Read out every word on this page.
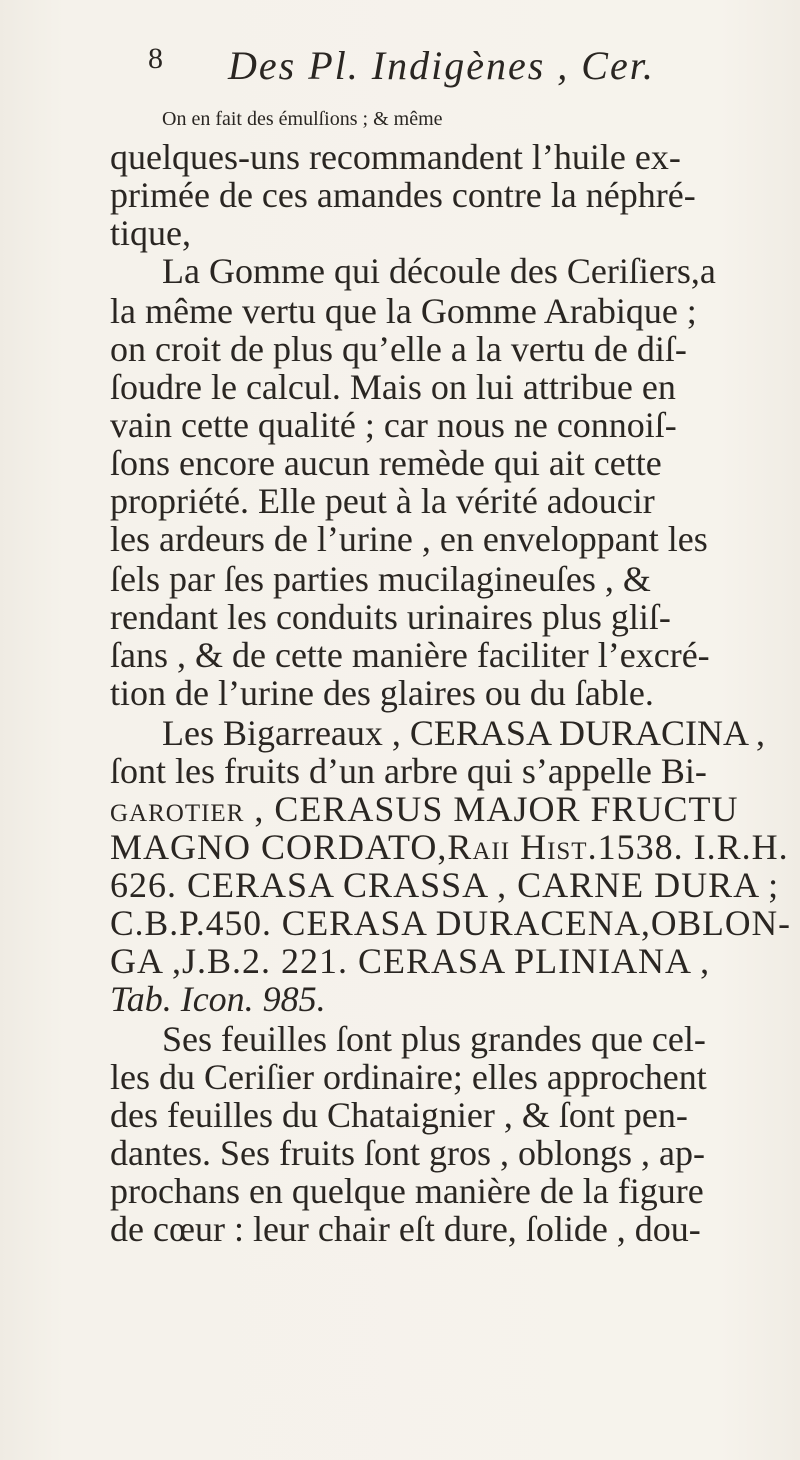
8 Des Pl. Indigènes , Cer.
On en fait des émulſions ; & même
quelques-uns recommandent l’huile ex-
primée de ces amandes contre la néphré-
tique,
La Gomme qui découle des Ceriſiers,a
la même vertu que la Gomme Arabique ;
on croit de plus qu’elle a la vertu de diſ-
ſoudre le calcul. Mais on lui attribue en
vain cette qualité ; car nous ne connoiſ-
ſons encore aucun remède qui ait cette
propriété. Elle peut à la vérité adoucir
les ardeurs de l’urine , en enveloppant les
ſels par ſes parties mucilagineuſes , &
rendant les conduits urinaires plus gliſ-
ſans , & de cette manière faciliter l’excré-
tion de l’urine des glaires ou du ſable.
Les Bigarreaux , CERASA DURACINA ,
ſont les fruits d’un arbre qui s’appelle Bi-
garotier , CERASUS MAJOR FRUCTU
MAGNO CORDATO,Raii Hiſt.1538. I.R.H.
626. CERASA CRASSA , CARNE DURA ;
C.B.P.450. CERASA DURACENA,OBLON-
GA ,J.B.2. 221. CERASA PLINIANA ,
Tab. Icon. 985.
Ses feuilles ſont plus grandes que cel-
les du Ceriſier ordinaire; elles approchent
des feuilles du Chataignier , & ſont pen-
dantes. Ses fruits ſont gros , oblongs , ap-
prochans en quelque manière de la figure
de cœur : leur chair eſt dure, ſolide , dou-
